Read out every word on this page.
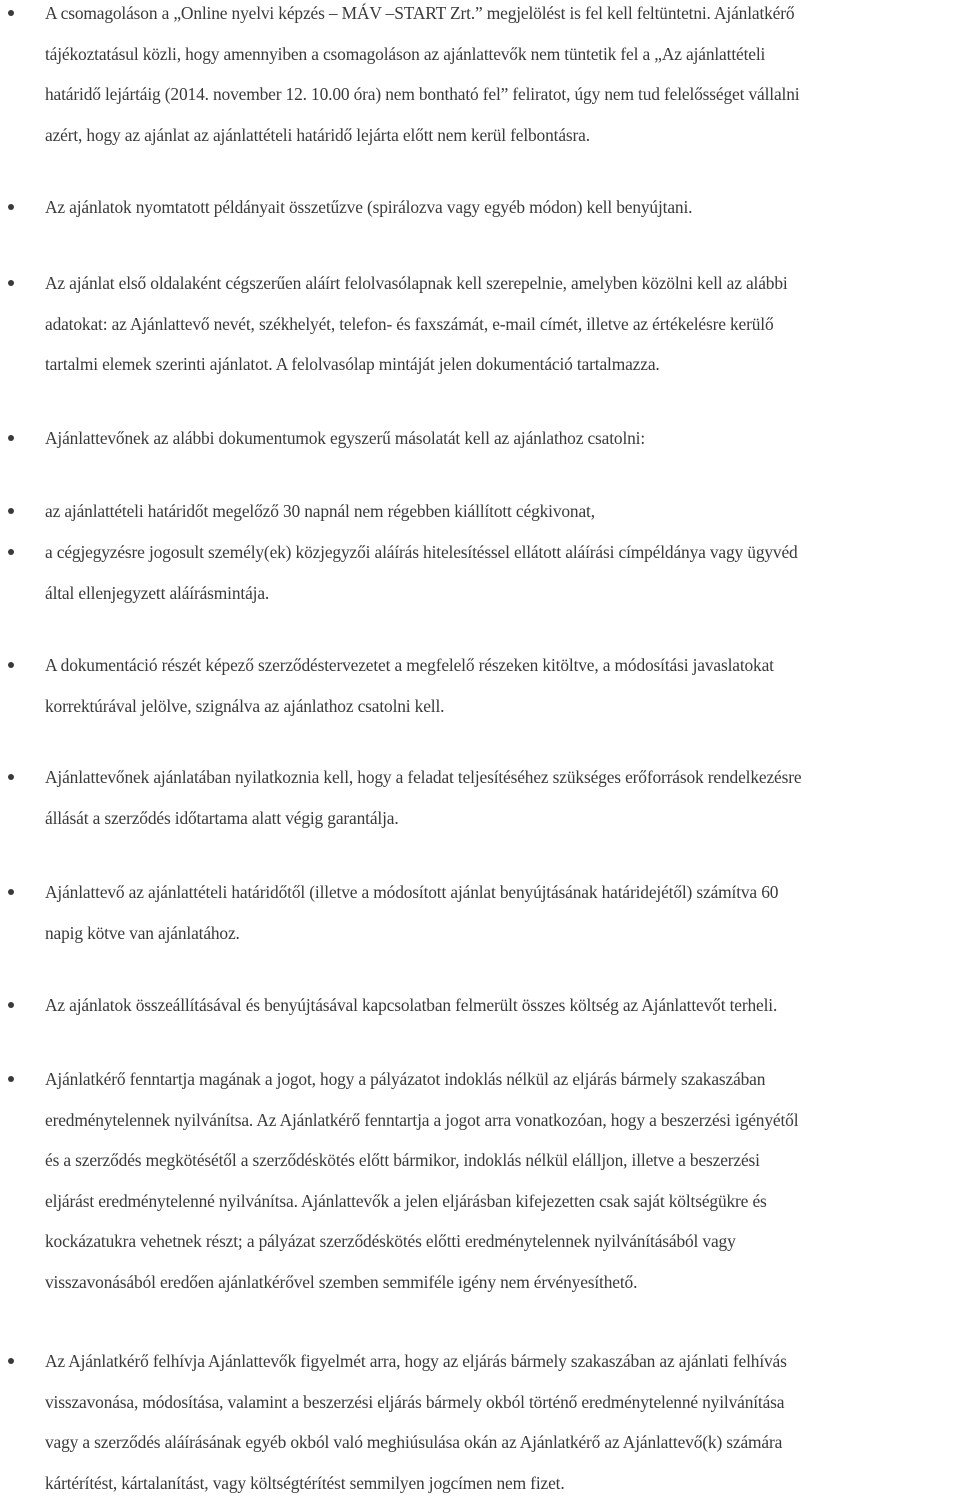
A csomagoláson a „Online nyelvi képzés – MÁV –START Zrt.” megjelölést is fel kell feltüntetni. Ajánlatkérő
tájékoztatásul közli, hogy amennyiben a csomagoláson az ajánlattevők nem tüntetik fel a „Az ajánlattételi
határidő lejártáig (2014. november 12. 10.00 óra) nem bontható fel” feliratot, úgy nem tud felelősséget vállalni
azért, hogy az ajánlat az ajánlattételi határidő lejárta előtt nem kerül felbontásra.
Az ajánlatok nyomtatott példányait összetűzve (spirálozva vagy egyéb módon) kell benyújtani.
Az ajánlat első oldalaként cégszerűen aláírt felolvasólapnak kell szerepelnie, amelyben közölni kell az alábbi
adatokat: az Ajánlattevő nevét, székhelyét, telefon- és faxszámát, e-mail címét, illetve az értékelésre kerülő
tartalmi elemek szerinti ajánlatot. A felolvasólap mintáját jelen dokumentáció tartalmazza.
Ajánlattevőnek az alábbi dokumentumok egyszerű másolatát kell az ajánlathoz csatolni:
az ajánlattételi határidőt megelőző 30 napnál nem régebben kiállított cégkivonat,
a cégjegyzésre jogosult személy(ek) közjegyzői aláírás hitelesítéssel ellátott aláírási címpéldánya vagy ügyvéd
által ellenjegyzett aláírásmintája.
A dokumentáció részét képező szerződéstervezetet a megfelelő részeken kitöltve, a módosítási javaslatokat
korrektúrával jelölve, szignálva az ajánlathoz csatolni kell.
Ajánlattevőnek ajánlatában nyilatkoznia kell, hogy a feladat teljesítéséhez szükséges erőforrások rendelkezésre
állását a szerződés időtartama alatt végig garantálja.
Ajánlattevő az ajánlattételi határidőtől (illetve a módosított ajánlat benyújtásának határidejétől) számítva 60
napig kötve van ajánlatához.
Az ajánlatok összeállításával és benyújtásával kapcsolatban felmerült összes költség az Ajánlattevőt terheli.
Ajánlatkérő fenntartja magának a jogot, hogy a pályázatot indoklás nélkül az eljárás bármely szakaszában
eredménytelennek nyilvánítsa. Az Ajánlatkérő fenntartja a jogot arra vonatkozóan, hogy a beszerzési igényétől
és a szerződés megkötésétől a szerződéskötés előtt bármikor, indoklás nélkül elálljon, illetve a beszerzési
eljárást eredménytelenné nyilvánítsa. Ajánlattevők a jelen eljárásban kifejezetten csak saját költségükre és
kockázatukra vehetnek részt; a pályázat szerződéskötés előtti eredménytelennek nyilvánításából vagy
visszavonásából eredően ajánlatkérővel szemben semmiféle igény nem érvényesíthető.
Az Ajánlatkérő felhívja Ajánlattevők figyelmét arra, hogy az eljárás bármely szakaszában az ajánlati felhívás
visszavonása, módosítása, valamint a beszerzési eljárás bármely okból történő eredménytelenné nyilvánítása
vagy a szerződés aláírásának egyéb okból való meghiúsulása okán az Ajánlatkérő az Ajánlattevő(k) számára
kártérítést, kártalanítást, vagy költségtérítést semmilyen jogcímen nem fizet.
